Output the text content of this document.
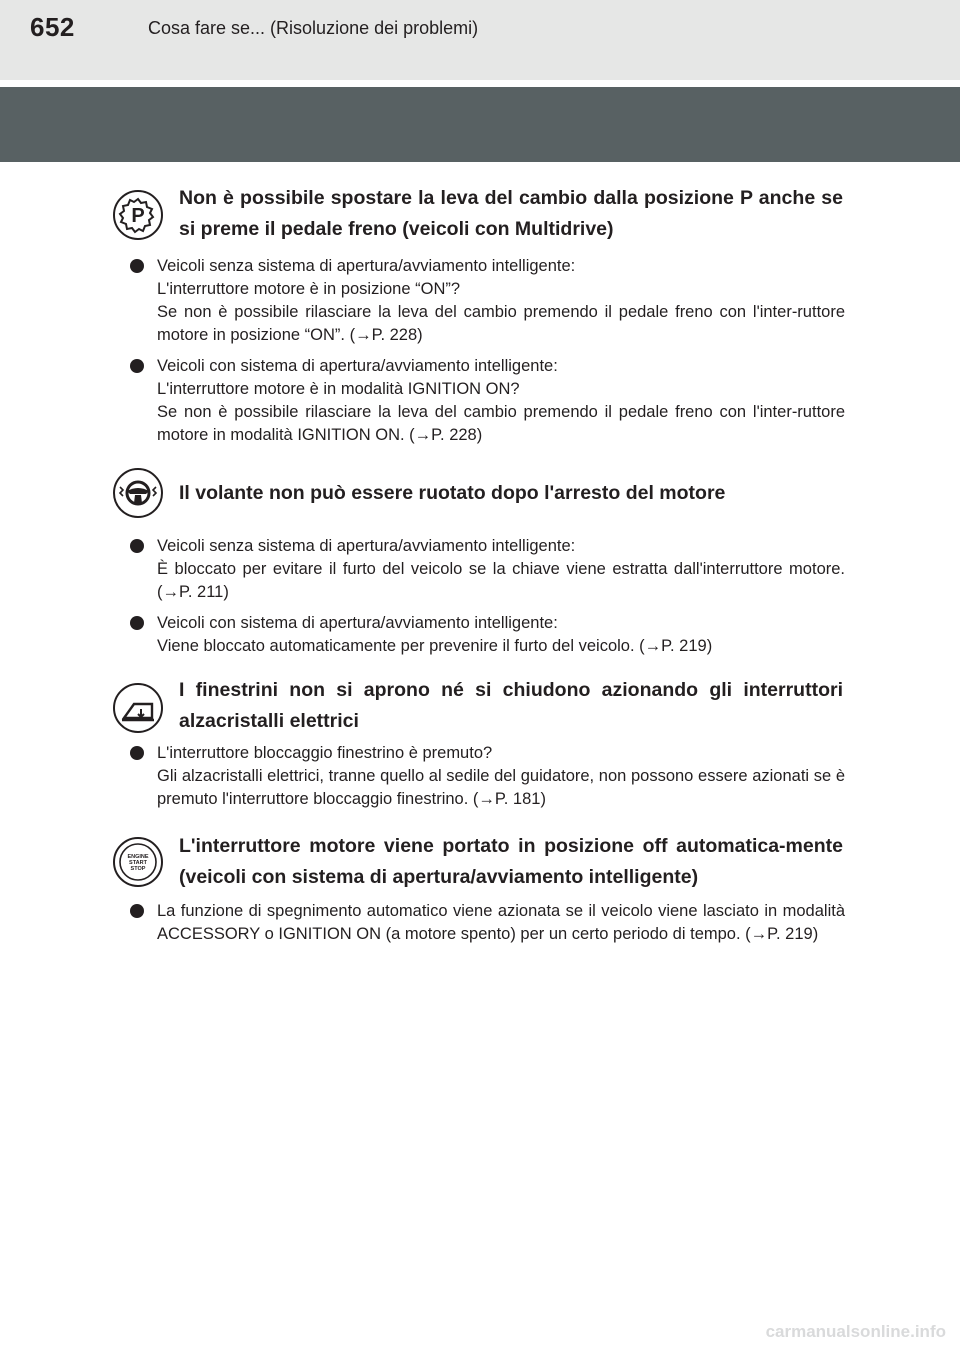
652	Cosa fare se... (Risoluzione dei problemi)
P
Non è possibile spostare la leva del cambio dalla posizione P anche se si preme il pedale freno (veicoli con Multidrive)

Veicoli senza sistema di apertura/avviamento intelligente:

L'interruttore motore è in posizione “ON”?

Se non è possibile rilasciare la leva del cambio premendo il pedale freno con l'inter-ruttore motore in posizione “ON”. (→P. 228)

Veicoli con sistema di apertura/avviamento intelligente:

L'interruttore motore è in modalità IGNITION ON?

Se non è possibile rilasciare la leva del cambio premendo il pedale freno con l'inter-ruttore motore in modalità IGNITION ON. (→P. 228)

Il volante non può essere ruotato dopo l'arresto del motore

Veicoli senza sistema di apertura/avviamento intelligente:

È bloccato per evitare il furto del veicolo se la chiave viene estratta dall'interruttore motore. (→P. 211)

Veicoli con sistema di apertura/avviamento intelligente:

Viene bloccato automaticamente per prevenire il furto del veicolo. (→P. 219)

I finestrini non si aprono né si chiudono azionando gli interruttori alzacristalli elettrici

L'interruttore bloccaggio finestrino è premuto?

Gli alzacristalli elettrici, tranne quello al sedile del guidatore, non possono essere azionati se è premuto l'interruttore bloccaggio finestrino. (→P. 181)

ENGINE
START
STOP
L'interruttore motore viene portato in posizione off automatica-mente (veicoli con sistema di apertura/avviamento intelligente)

La funzione di spegnimento automatico viene azionata se il veicolo viene lasciato in modalità ACCESSORY o IGNITION ON (a motore spento) per un certo periodo di tempo. (→P. 219)

carmanualsonline.info
